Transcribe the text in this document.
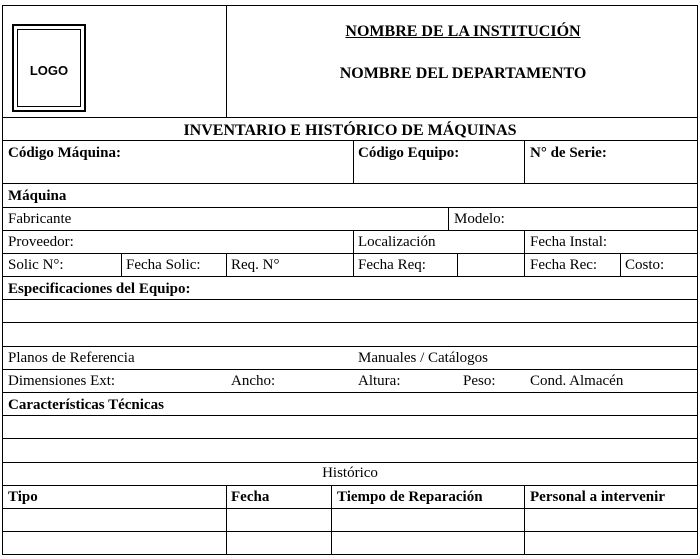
LOGO
NOMBRE DE LA INSTITUCIÓN
NOMBRE DEL DEPARTAMENTO
INVENTARIO E HISTÓRICO DE MÁQUINAS
Código Máquina:	Código Equipo:	N° de Serie:
Máquina
Fabricante	Modelo:
Proveedor:	Localización	Fecha Instal:
Solic N°:	Fecha Solic: Req. N°	Fecha Req:	Fecha Rec: Costo:
Especificaciones del Equipo:
Planos de Referencia	Manuales / Catálogos
Dimensiones Ext:	Ancho:	Altura:	Peso: Cond. Almacén
Características Técnicas
Histórico
Tipo	Fecha	Tiempo de Reparación	Personal a intervenir
